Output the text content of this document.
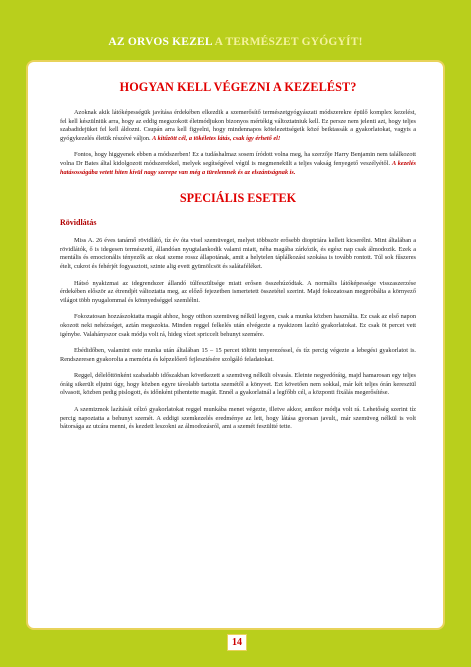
AZ ORVOS KEZEL A TERMÉSZET GYÓGYÍT!
HOGYAN KELL VÉGEZNI A KEZELÉST?

Azoknak akik látóképességük javítása érdekében elkezdik a szemerősítő természetgyógyászati módszerekre épülő komplex kezelést, fel kell készülniük arra, hogy az eddig megszokott életmódjukon bizonyos mértékig változtatniuk kell. Ez persze nem jelenti azt, hogy teljes szabadidejüket fel kell áldozni. Csupán arra kell figyelni, hogy mindennapos kötelezettségeik közé beiktassák a gyakorlatokat, vagyis a gyógykezelés életük részévé váljon. A kitűzött cél, a tökéletes látás, csak így érhető el!

Fontos, hogy higgyenek ebben a módszerben! Ez a tudáshalmaz sosem íródott volna meg, ha szerzője Harry Benjamin nem találkozott volna Dr Bates által kidolgozott módszerekkel, melyek segítségével végül is megmenekült a teljes vakság fenyegető veszélyétől. A kezelés hatásosságába vetett hiten kívül nagy szerepe van még a türelemnek és az elszántságnak is.

SPECIÁLIS ESETEK
Rövidlátás

Miss A. 26 éves tanárnő rövidlátó, tíz év óta visel szemüveget, melyet többször erősebb dioptriára kellett kicserélni. Mint általában a rövidlátók, ő is idegesen természetű, állandóan nyugtalankodik valami miatt, néha magába zárkózik, és egész nap csak álmodozik. Ezek a mentális és emocionális tényezők az okai szeme rossz állapotának, amit a helytelen táplálkozási szokása is tovább rontott. Túl sok fűszeres ételt, cukrot és fehérjét fogyasztott, szinte alig evett gyümölcsöt és salátaféléket.

Hátsó nyakizmai az idegrendszer állandó túlfeszültsége miatt erősen összehúzódtak. A normális látóképessége visszaszerzése érdekében először az étrendjét változtatta meg, az előző fejezetben ismertetett összetétel szerint. Majd fokozatosan megpróbálta a környező világot több nyugalommal és könnyedséggel szemlélni.

Fokozatosan hozzászoktatta magát ahhoz, hogy otthon szemüveg nélkül legyen, csak a munka közben használta. Ez csak az első napon okozott neki nehézséget, aztán megszokta. Minden reggel felkelés után elvégezte a nyakizom lazító gyakorlatokat. Ez csak öt percet vett igénybe. Valahányszor csak módja volt rá, hideg vízet spriccelt behunyt szemére.

Ebédidőben, valamint este munka után általában 15 – 15 percet töltött tenyerezéssel, és tíz percig végezte a lebegési gyakorlatot is. Rendszeresen gyakorolta a memória és képzelőerő fejlesztésére szolgáló feladatokat.

Reggel, délelőttönként szabadabb időszakban következett a szemüveg nélküli olvasás. Eleinte negyedóráig, majd hamarosan egy teljes óráig sikerült eljutni úgy, hogy közben egyre távolabb tartotta szemétől a könyvet. Ezt követően nem sokkal, már két teljes órán keresztül olvasott, közben pedig pislogott, és időnként pihentette magát. Ennél a gyakorlatnál a legfőbb cél, a központi fixálás megerősítése.

A szemizmok lazítását célzó gyakorlatokat reggel munkába menet végezte, illetve akkor, amikor módja volt rá. Lehetőség szerint tíz percig napoztatta a behunyt szemét. A eddigi szemkezelés eredménye az lett, hogy látása gyorsan javult,, már szemüveg nélkül is volt bátorsága az utcára menni, és kezdett leszokni az álmodozásról, ami a szemét feszültté tette.

14
